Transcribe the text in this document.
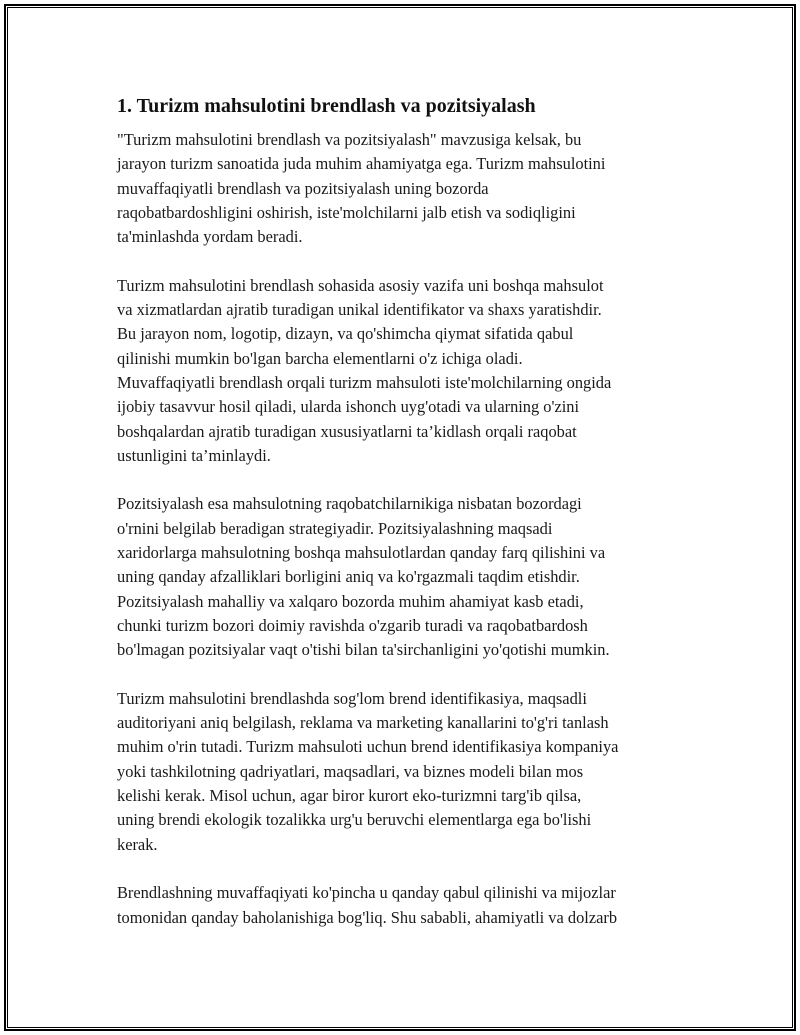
1. Turizm mahsulotini brendlash va pozitsiyalash
"Turizm mahsulotini brendlash va pozitsiyalash" mavzusiga kelsak, bu
jarayon turizm sanoatida juda muhim ahamiyatga ega. Turizm mahsulotini
muvaffaqiyatli brendlash va pozitsiyalash uning bozorda
raqobatbardoshligini oshirish, iste'molchilarni jalb etish va sodiqligini
ta'minlashda yordam beradi.
Turizm mahsulotini brendlash sohasida asosiy vazifa uni boshqa mahsulot
va xizmatlardan ajratib turadigan unikal identifikator va shaxs yaratishdir.
Bu jarayon nom, logotip, dizayn, va qo'shimcha qiymat sifatida qabul
qilinishi mumkin bo'lgan barcha elementlarni o'z ichiga oladi.
Muvaffaqiyatli brendlash orqali turizm mahsuloti iste'molchilarning ongida
ijobiy tasavvur hosil qiladi, ularda ishonch uyg'otadi va ularning o'zini
boshqalardan ajratib turadigan xususiyatlarni ta’kidlash orqali raqobat
ustunligini ta’minlaydi.
Pozitsiyalash esa mahsulotning raqobatchilarnikiga nisbatan bozordagi
o'rnini belgilab beradigan strategiyadir. Pozitsiyalashning maqsadi
xaridorlarga mahsulotning boshqa mahsulotlardan qanday farq qilishini va
uning qanday afzalliklari borligini aniq va ko'rgazmali taqdim etishdir.
Pozitsiyalash mahalliy va xalqaro bozorda muhim ahamiyat kasb etadi,
chunki turizm bozori doimiy ravishda o'zgarib turadi va raqobatbardosh
bo'lmagan pozitsiyalar vaqt o'tishi bilan ta'sirchanligini yo'qotishi mumkin.
Turizm mahsulotini brendlashda sog'lom brend identifikasiya, maqsadli
auditoriyani aniq belgilash, reklama va marketing kanallarini to'g'ri tanlash
muhim o'rin tutadi. Turizm mahsuloti uchun brend identifikasiya kompaniya
yoki tashkilotning qadriyatlari, maqsadlari, va biznes modeli bilan mos
kelishi kerak. Misol uchun, agar biror kurort eko-turizmni targ'ib qilsa,
uning brendi ekologik tozalikka urg'u beruvchi elementlarga ega bo'lishi
kerak.
Brendlashning muvaffaqiyati ko'pincha u qanday qabul qilinishi va mijozlar
tomonidan qanday baholanishiga bog'liq. Shu sababli, ahamiyatli va dolzarb
